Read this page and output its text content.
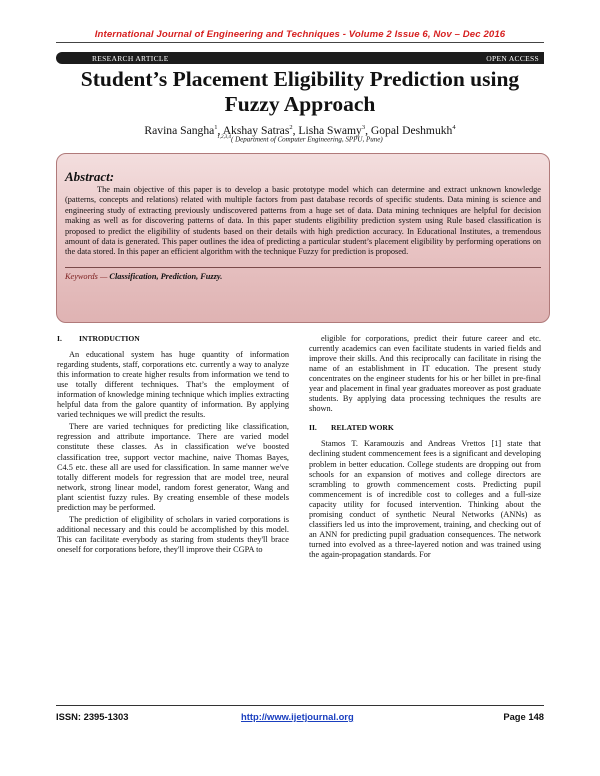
International Journal of Engineering and Techniques - Volume 2 Issue 6, Nov – Dec 2016
RESEARCH ARTICLE	OPEN ACCESS
Student’s Placement Eligibility Prediction using
Fuzzy Approach
Ravina Sangha$^1$, Akshay Satras$^2$, Lisha Swamy$^3$, Gopal Deshmukh$^4$
$^{1,2,3,4}$( Department of Computer Engineering, SPPU, Pune)
Abstract:
The main objective of this paper is to develop a basic prototype model which can determine and extract unknown knowledge (patterns, concepts and relations) related with multiple factors from past database records of specific students. Data mining is science and engineering study of extracting previously undiscovered patterns from a huge set of data. Data mining techniques are helpful for decision making as well as for discovering patterns of data. In this paper students eligibility prediction system using Rule based classification is proposed to predict the eligibility of students based on their details with high prediction accuracy. In Educational Institutes, a tremendous amount of data is generated. This paper outlines the idea of predicting a particular student’s placement eligibility by performing operations on the data stored. In this paper an efficient algorithm with the technique Fuzzy for prediction is proposed.
Keywords — Classification, Prediction, Fuzzy.
I. INTRODUCTION

An educational system has huge quantity of information regarding students, staff, corporations etc. currently a way to analyze this information to create higher results from information we tend to use totally different techniques. That’s the employment of information of knowledge mining technique which implies extracting helpful data from the galore quantity of information. By applying varied techniques we will predict the results.

There are varied techniques for predicting like classification, regression and attribute importance. There are varied model constitute these classes. As in classification we've boosted classification tree, support vector machine, naive Thomas Bayes, C4.5 etc. these all are used for classification. In same manner we've totally different models for regression that are model tree, neural network, strong linear model, random forest generator, Wang and plant scientist fuzzy rules. By creating ensemble of these models prediction may be performed.

The prediction of eligibility of scholars in varied corporations is additional necessary and this could be accomplished by this model. This can facilitate everybody as staring from students they'll brace oneself for corporations before, they'll improve their CGPA to

eligible for corporations, predict their future career and etc. currently academics can even facilitate students in varied fields and improve their skills. And this reciprocally can facilitate in rising the name of an establishment in IT education. The present study concentrates on the engineer students for his or her billet in pre-final year and placement in final year graduates moreover as post graduate students. By applying data processing techniques the results are shown.

II. RELATED WORK

Stamos T. Karamouzis and Andreas Vrettos [1] state that declining student commencement fees is a significant and developing problem in better education. College students are dropping out from schools for an expansion of motives and college directors are scrambling to growth commencement costs. Predicting pupil commencement is of incredible cost to colleges and a full-size capacity utility for focused intervention. Thinking about the promising conduct of synthetic Neural Networks (ANNs) as classifiers led us into the improvement, training, and checking out of an ANN for predicting pupil graduation consequences. The network turned into evolved as a three-layered notion and was trained using the again-propagation standards. For

ISSN: 2395-1303	http://www.ijetjournal.org	Page 148
